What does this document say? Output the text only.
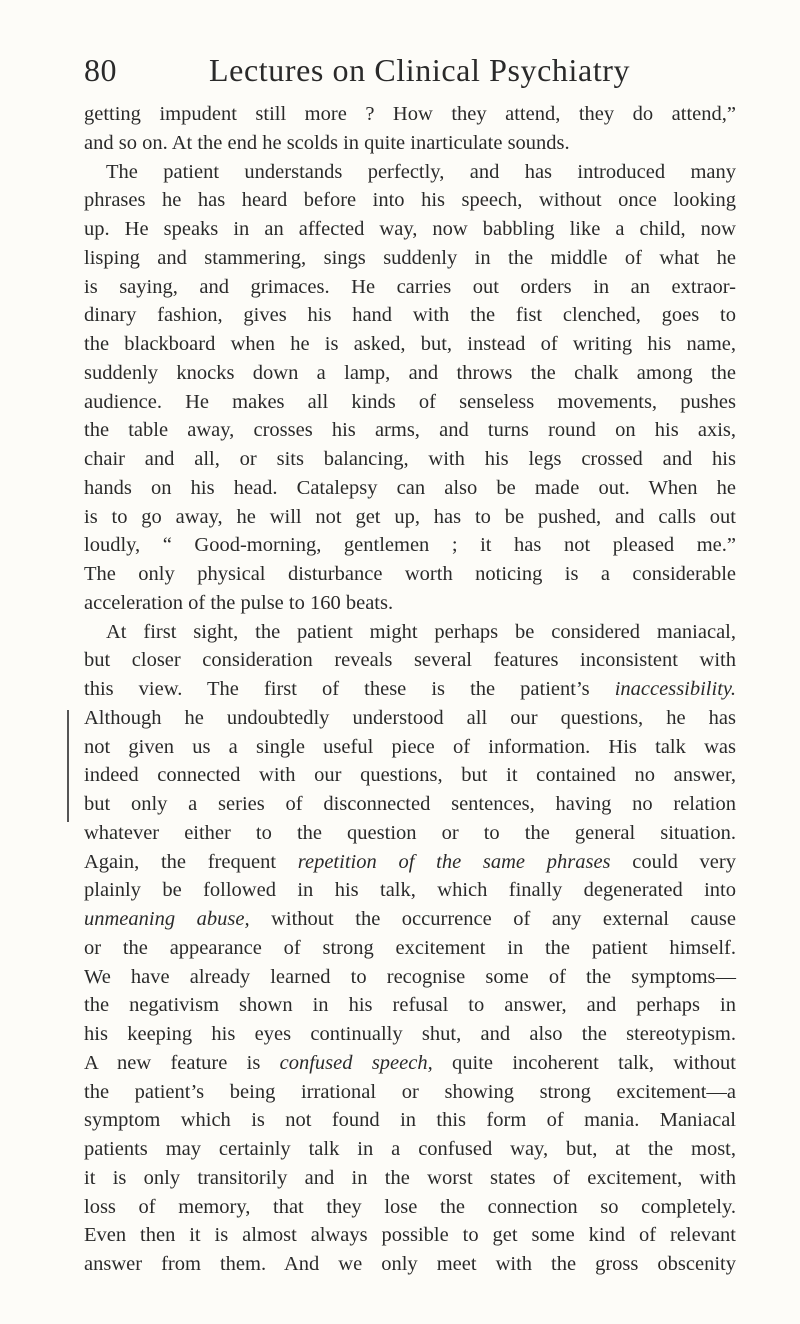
80	Lectures on Clinical Psychiatry
getting impudent still more ? How they attend, they do attend,”
and so on. At the end he scolds in quite inarticulate sounds.
The patient understands perfectly, and has introduced many
phrases he has heard before into his speech, without once looking
up. He speaks in an affected way, now babbling like a child, now
lisping and stammering, sings suddenly in the middle of what he
is saying, and grimaces. He carries out orders in an extraor-
dinary fashion, gives his hand with the fist clenched, goes to
the blackboard when he is asked, but, instead of writing his name,
suddenly knocks down a lamp, and throws the chalk among the
audience. He makes all kinds of senseless movements, pushes
the table away, crosses his arms, and turns round on his axis,
chair and all, or sits balancing, with his legs crossed and his
hands on his head. Catalepsy can also be made out. When he
is to go away, he will not get up, has to be pushed, and calls out
loudly, “ Good-morning, gentlemen ; it has not pleased me.”
The only physical disturbance worth noticing is a considerable
acceleration of the pulse to 160 beats.
At first sight, the patient might perhaps be considered maniacal,
but closer consideration reveals several features inconsistent with
this view. The first of these is the patient’s inaccessibility.
Although he undoubtedly understood all our questions, he has
not given us a single useful piece of information. His talk was
indeed connected with our questions, but it contained no answer,
but only a series of disconnected sentences, having no relation
whatever either to the question or to the general situation.
Again, the frequent repetition of the same phrases could very
plainly be followed in his talk, which finally degenerated into
unmeaning abuse, without the occurrence of any external cause
or the appearance of strong excitement in the patient himself.
We have already learned to recognise some of the symptoms—
the negativism shown in his refusal to answer, and perhaps in
his keeping his eyes continually shut, and also the stereotypism.
A new feature is confused speech, quite incoherent talk, without
the patient’s being irrational or showing strong excitement—a
symptom which is not found in this form of mania. Maniacal
patients may certainly talk in a confused way, but, at the most,
it is only transitorily and in the worst states of excitement, with
loss of memory, that they lose the connection so completely.
Even then it is almost always possible to get some kind of relevant
answer from them. And we only meet with the gross obscenity
